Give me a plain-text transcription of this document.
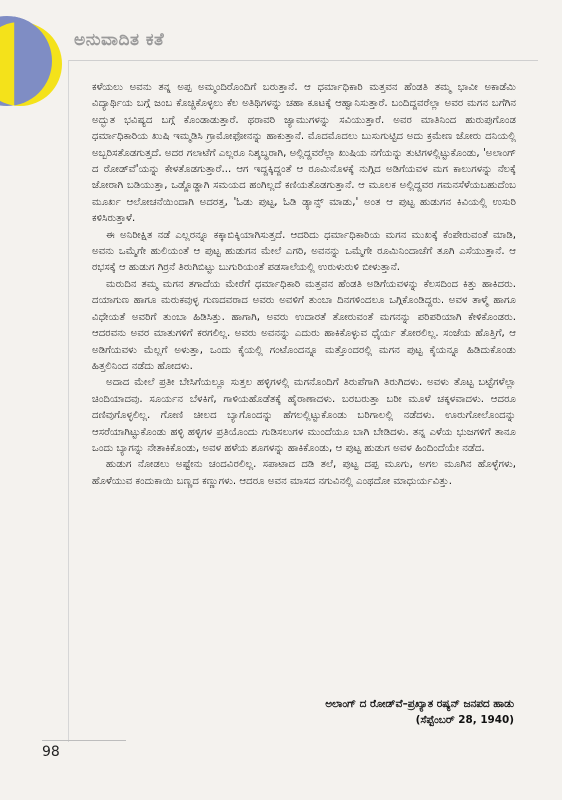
ಅನುವಾದಿತ ಕತೆ

ಕಳೆಯಲು ಅವನು ತನ್ನ ಅಪ್ಪ ಅಮ್ಮಂದಿರೊಂದಿಗೆ ಬರುತ್ತಾನೆ. ಆ ಧರ್ಮಾಧಿಕಾರಿ ಮತ್ತವನ ಹೆಂಡತಿ ತಮ್ಮ ಭಾವೀ ಅಕಾಡೆಮಿ ವಿದ್ಯಾರ್ಥಿಯ ಬಗ್ಗೆ ಜಂಬ ಕೊಚ್ಚಿಕೊಳ್ಳಲು ಕೆಲ ಅತಿಥಿಗಳನ್ನು ಚಹಾ ಕೂಟಕ್ಕೆ ಆಹ್ವಾನಿಸುತ್ತಾರೆ. ಬಂದಿದ್ದವರೆಲ್ಲಾ ಅವರ ಮಗನ ಬಗೆಗಿನ ಅದ್ಭುತ ಭವಿಷ್ಯದ ಬಗ್ಗೆ ಕೊಂಡಾಡುತ್ತಾರೆ. ಥರಾವರಿ ಜ್ಯಾಮುಗಳನ್ನು ಸವಿಯುತ್ತಾರೆ. ಅವರ ಮಾತಿನಿಂದ ಹುರುಪುಗೊಂಡ ಧರ್ಮಾಧಿಕಾರಿಯ ಖುಷಿ ಇಮ್ಮಡಿಸಿ ಗ್ರಾಮೋಫೋನನ್ನು ಹಾಕುತ್ತಾನೆ. ಮೊದಮೊದಲು ಬುಸುಗುಟ್ಟಿದ ಅದು ಕ್ರಮೇಣ ಜೋರು ದನಿಯಲ್ಲಿ ಅಬ್ಬರಿಸತೊಡಗುತ್ತದೆ. ಅದರ ಗಲಾಟೆಗೆ ಎಲ್ಲರೂ ನಿಶ್ಶಬ್ಧರಾಗಿ, ಅಲ್ಲಿದ್ದವರೆಲ್ಲಾ ಖುಷಿಯ ನಗೆಯನ್ನು ತುಟಿಗಳಲ್ಲಿಟ್ಟುಕೊಂಡು, 'ಅಲಾಂಗ್ ದ ರೋಡ್‌ವೆ'ಯನ್ನು ಕೇಳತೊಡಗುತ್ತಾರೆ... ಆಗ ಇದ್ದಕ್ಕಿದ್ದಂತೆ ಆ ರೂಮಿನೊಳಕ್ಕೆ ನುಗ್ಗಿದ ಅಡಿಗೆಯವಳ ಮಗ ಕಾಲುಗಳನ್ನು ನೆಲಕ್ಕೆ ಜೋರಾಗಿ ಬಡಿಯುತ್ತಾ, ಒಡ್ಡೊಡ್ಡಾಗಿ ಸಮಯದ ಹಂಗಿಲ್ಲದೆ ಕಣಿಯತೊಡಗುತ್ತಾನೆ. ಆ ಮೂಲಕ ಅಲ್ಲಿದ್ದವರ ಗಮನಸೆಳೆಯಬಹುದೆಂಬ ಮೂರ್ಖ ಆಲೋಚನೆಯಿಂದಾಗಿ ಅದರತ್ತ, 'ಓಡು ಪುಟ್ಟ, ಓಡಿ ಡ್ಯಾನ್ಸ್ ಮಾಡು,' ಅಂತ ಆ ಪುಟ್ಟ ಹುಡುಗನ ಕಿವಿಯಲ್ಲಿ ಉಸುರಿ ಕಳಿಸಿರುತ್ತಾಳೆ.

ಈ ಅನಿರೀಕ್ಷಿತ ನಡೆ ಎಲ್ಲರನ್ನೂ ಕಕ್ಕಾಬಿಕ್ಕಿಯಾಗಿಸುತ್ತದೆ. ಆದರಿದು ಧರ್ಮಾಧಿಕಾರಿಯ ಮಗನ ಮುಖಕ್ಕೆ ಕೆಂಪೇರುವಂತೆ ಮಾಡಿ, ಅವನು ಒಮ್ಮೆಗೇ ಹುಲಿಯಂತೆ ಆ ಪುಟ್ಟ ಹುಡುಗನ ಮೇಲೆ ಎಗರಿ, ಅವನನ್ನು ಒಮ್ಮೆಗೇ ರೂಮಿನಿಂದಾಚೆಗೆ ತೂಗಿ ಎಸೆಯುತ್ತಾನೆ. ಆ ರಭಸಕ್ಕೆ ಆ ಹುಡುಗ ಗಿರ್ರನೆ ತಿರುಗಿಬಿಟ್ಟು ಬುಗುರಿಯಂತೆ ಪಡಸಾಲೆಯಲ್ಲಿ ಉರುಳುರುಳಿ ಬೀಳುತ್ತಾನೆ.

ಮರುದಿನ ತಮ್ಮ ಮಗನ ತಗಾದೆಯ ಮೇರೆಗೆ ಧರ್ಮಾಧಿಕಾರಿ ಮತ್ತವನ ಹೆಂಡತಿ ಅಡಿಗೆಯವಳನ್ನು ಕೆಲಸದಿಂದ ಕಿತ್ತು ಹಾಕಿದರು. ದಯಾಗುಣ ಹಾಗೂ ಮರುಕವುಳ್ಳ ಗುಣದವರಾದ ಅವರು ಅವಳಿಗೆ ತುಂಬಾ ದಿನಗಳಿಂದಲೂ ಒಗ್ಗಿಕೊಂಡಿದ್ದರು. ಅವಳ ತಾಳ್ಮೆ ಹಾಗೂ ವಿಧೇಯತೆ ಅವರಿಗೆ ತುಂಬಾ ಹಿಡಿಸಿತ್ತು. ಹಾಗಾಗಿ, ಅವರು ಉದಾರತೆ ತೋರುವಂತೆ ಮಗನನ್ನು ಪರಿಪರಿಯಾಗಿ ಕೇಳಿಕೊಂಡರು. ಆದರವನು ಅವರ ಮಾತುಗಳಿಗೆ ಕರಗಲಿಲ್ಲ. ಅವರು ಅವನನ್ನು ಎದುರು ಹಾಕಿಕೊಳ್ಳುವ ಧೈರ್ಯ ತೋರಲಿಲ್ಲ. ಸಂಜೆಯ ಹೊತ್ತಿಗೆ, ಆ ಅಡಿಗೆಯವಳು ಮೆಲ್ಲಗೆ ಅಳುತ್ತಾ, ಒಂದು ಕೈಯಲ್ಲಿ ಗಂಟೊಂದನ್ನೂ ಮತ್ತೊಂದರಲ್ಲಿ ಮಗನ ಪುಟ್ಟ ಕೈಯನ್ನೂ ಹಿಡಿದುಕೊಂಡು ಹಿತ್ತಲಿನಿಂದ ನಡೆದು ಹೋದಳು.

ಅದಾದ ಮೇಲೆ ಪ್ರತೀ ಬೇಸಿಗೆಯಲ್ಲೂ ಸುತ್ತಲ ಹಳ್ಳಿಗಳಲ್ಲಿ ಮಗನೊಂದಿಗೆ ತಿರುಪೆಗಾಗಿ ತಿರುಗಿದಳು. ಅವಳು ತೊಟ್ಟ ಬಟ್ಟೆಗಳೆಲ್ಲಾ ಚಿಂದಿಯಾದವು. ಸೂರ್ಯನ ಬೆಳಕಿಗೆ, ಗಾಳಿಯಹೊಡೆತಕ್ಕೆ ಹೈರಾಣಾದಳು. ಬರಬರುತ್ತಾ ಬರೀ ಮೂಳೆ ಚಕ್ಕಳವಾದಳು. ಆದರೂ ದಣಿವುಗೊಳ್ಳಲಿಲ್ಲ. ಗೋಣಿ ಚೀಲದ ಬ್ಯಾಗೊಂದನ್ನು ಹೆಗಲಲ್ಲಿಟ್ಟುಕೊಂಡು ಬರಿಗಾಲಲ್ಲಿ ನಡೆದಳು. ಊರುಗೋಲೊಂದನ್ನು ಆಸರೆಯಾಗಿಟ್ಟುಕೊಂಡು ಹಳ್ಳಿ ಹಳ್ಳಿಗಳ ಪ್ರತಿಯೊಂದು ಗುಡಿಸಲುಗಳ ಮುಂದೆಯೂ ಬಾಗಿ ಬೇಡಿದಳು. ತನ್ನ ಎಳೆಯ ಭುಜಗಳಿಗೆ ತಾನೂ ಒಂದು ಬ್ಯಾಗನ್ನು ನೇತಾಕಿಕೊಂಡು, ಅವಳ ಹಳೆಯ ಶೂಗಳನ್ನು ಹಾಕಿಕೊಂಡು, ಆ ಪುಟ್ಟ ಹುಡುಗ ಅವಳ ಹಿಂದಿಂದೆಯೇ ನಡೆದ.

ಹುಡುಗ ನೋಡಲು ಅಷ್ಟೇನು ಚಂದವಿರಲಿಲ್ಲ. ಸಪಾಟಾದ ದಡಿ ತಲೆ, ಪುಟ್ಟ ದಪ್ಪ ಮೂಗು, ಅಗಲ ಮೂಗಿನ ಹೊಳ್ಳೆಗಳು, ಹೊಳೆಯುವ ಕಂದುಕಾಯಿ ಬಣ್ಣದ ಕಣ್ಣುಗಳು. ಆದರೂ ಅವನ ಮಾಸದ ನಗುವಿನಲ್ಲಿ ಎಂಥದೋ ಮಾಧುರ್ಯವಿತ್ತು.

ಅಲಾಂಗ್ ದ ರೋಡ್‌ವೆ–ಪ್ರಖ್ಯಾತ ರಷ್ಯನ್ ಜನಪದ ಹಾಡು
(ಸೆಪ್ಟೆಂಬರ್ 28, 1940)
98
